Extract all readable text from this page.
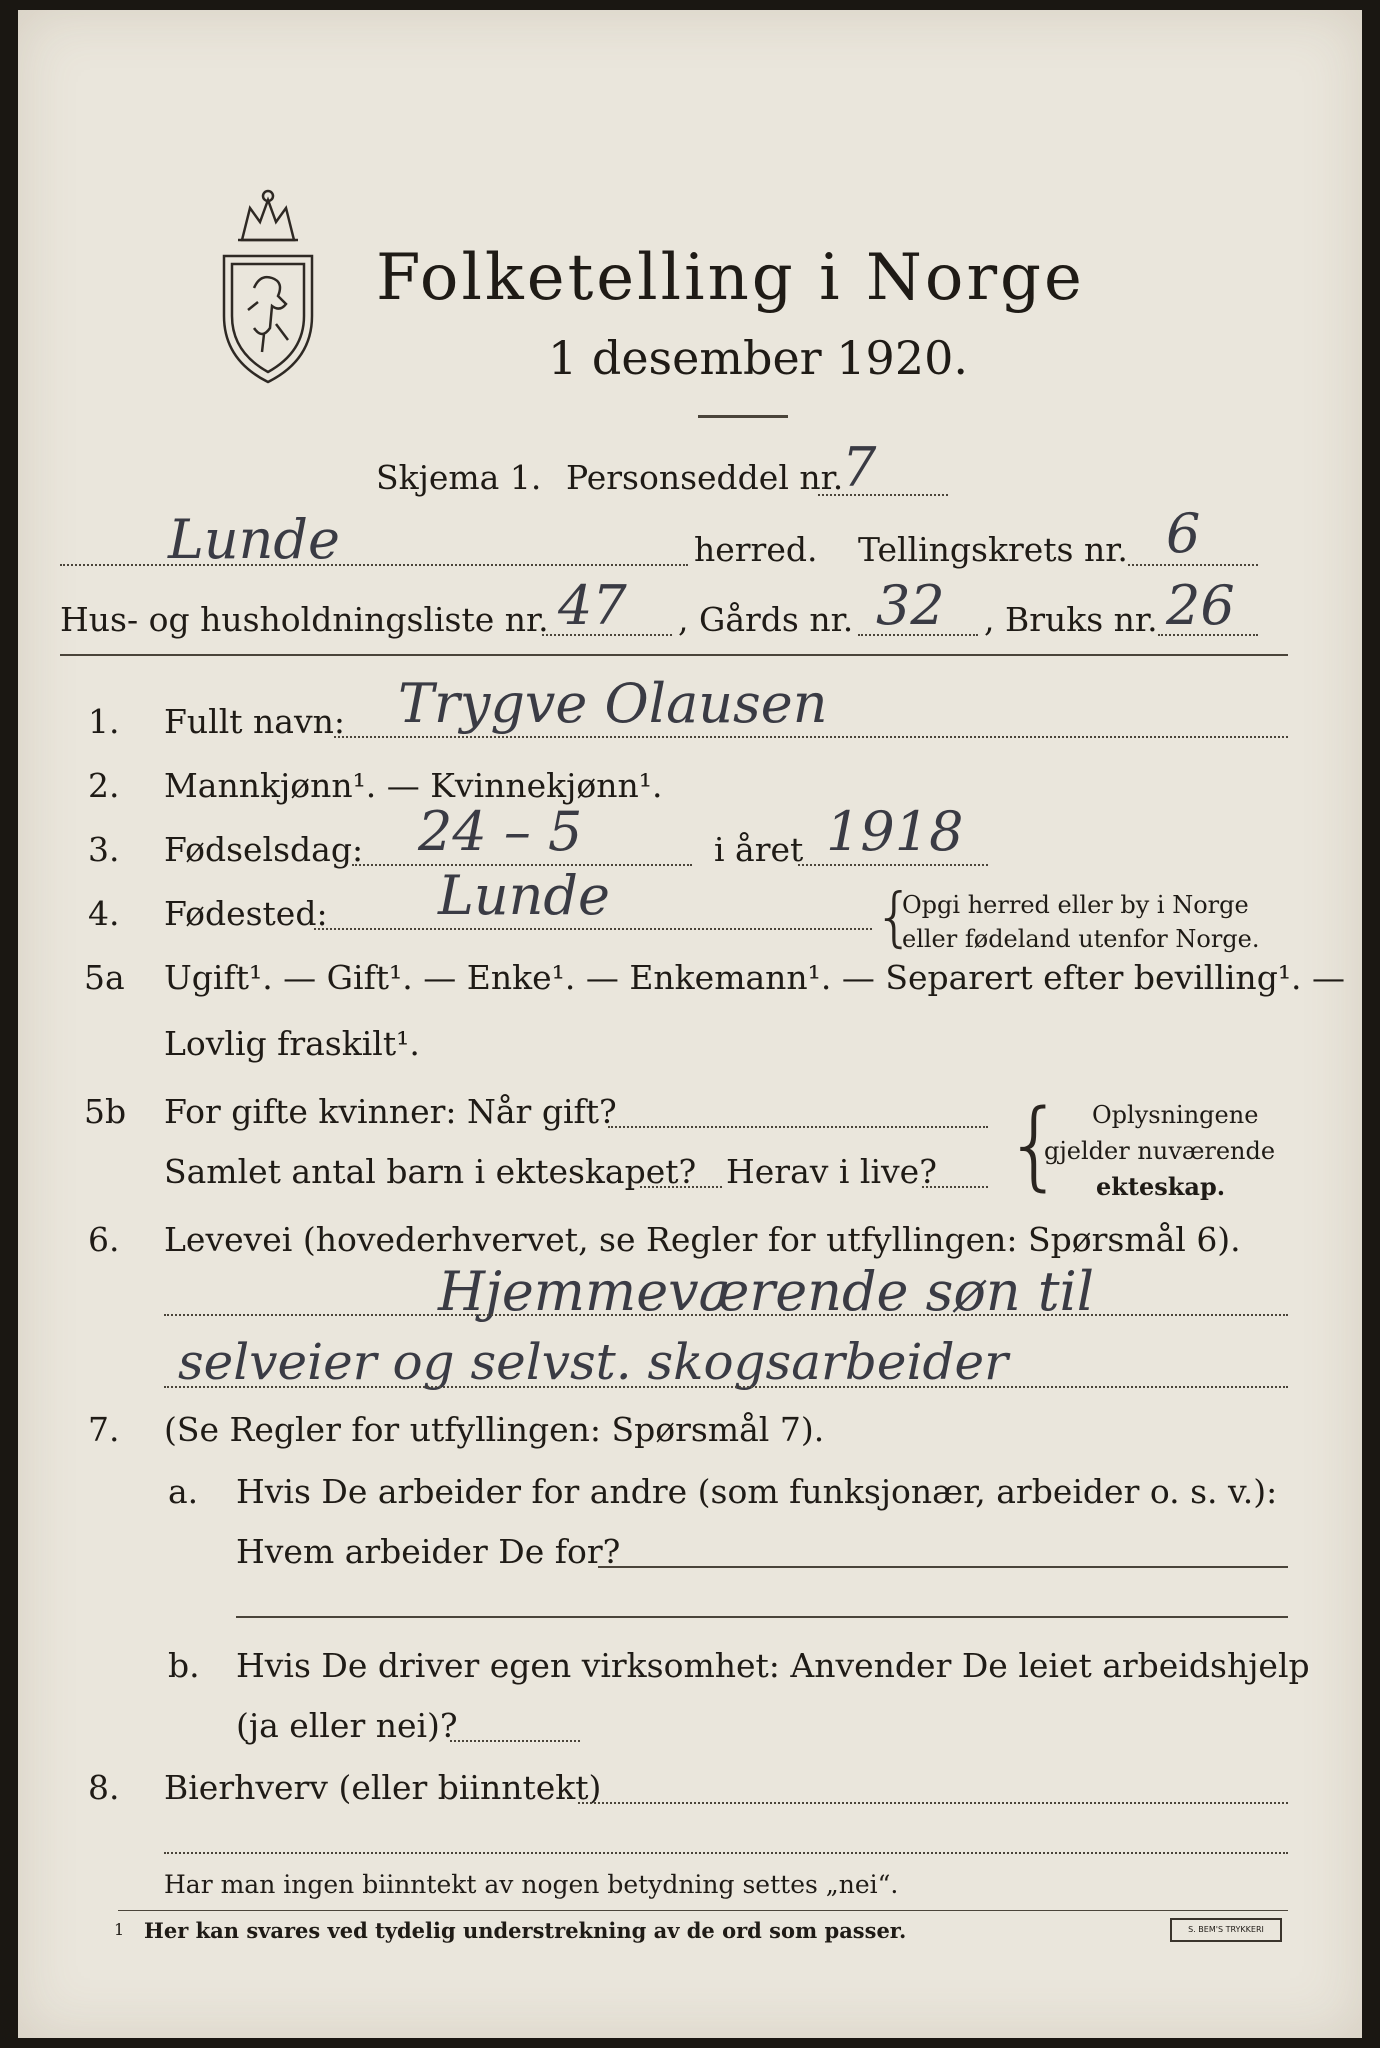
Folketelling i Norge
1 desember 1920.
Skjema 1. Personseddel nr.
7
Lunde	herred. Tellingskrets nr. 6
Hus- og husholdningsliste nr. 47 , Gårds nr. 32 , Bruks nr. 26
1. Fullt navn: Trygve Olausen
2. Mannkjønn¹. — Kvinnekjønn¹.
3. Fødselsdag: 24 – 5	i året 1918
4. Fødested: Lunde	{
Opgi herred eller by i Norge
eller fødeland utenfor Norge.
5a Ugift¹. — Gift¹. — Enke¹. — Enkemann¹. — Separert efter bevilling¹. —
Lovlig fraskilt¹.
5b For gifte kvinner: Når gift?
Samlet antal barn i ekteskapet? Herav i live? { Oplysningene
gjelder nuværende
ekteskap.
6. Levevei (hovederhvervet, se Regler for utfyllingen: Spørsmål 6).
Hjemmeværende søn til
selveier og selvst. skogsarbeider
7. (Se Regler for utfyllingen: Spørsmål 7).
a. Hvis De arbeider for andre (som funksjonær, arbeider o. s. v.):
Hvem arbeider De for?
b. Hvis De driver egen virksomhet: Anvender De leiet arbeidshjelp
(ja eller nei)?
8. Bierhverv (eller biinntekt)
Har man ingen biinntekt av nogen betydning settes „nei“.
1 Her kan svares ved tydelig understrekning av de ord som passer.	S. BEM'S TRYKKERI
